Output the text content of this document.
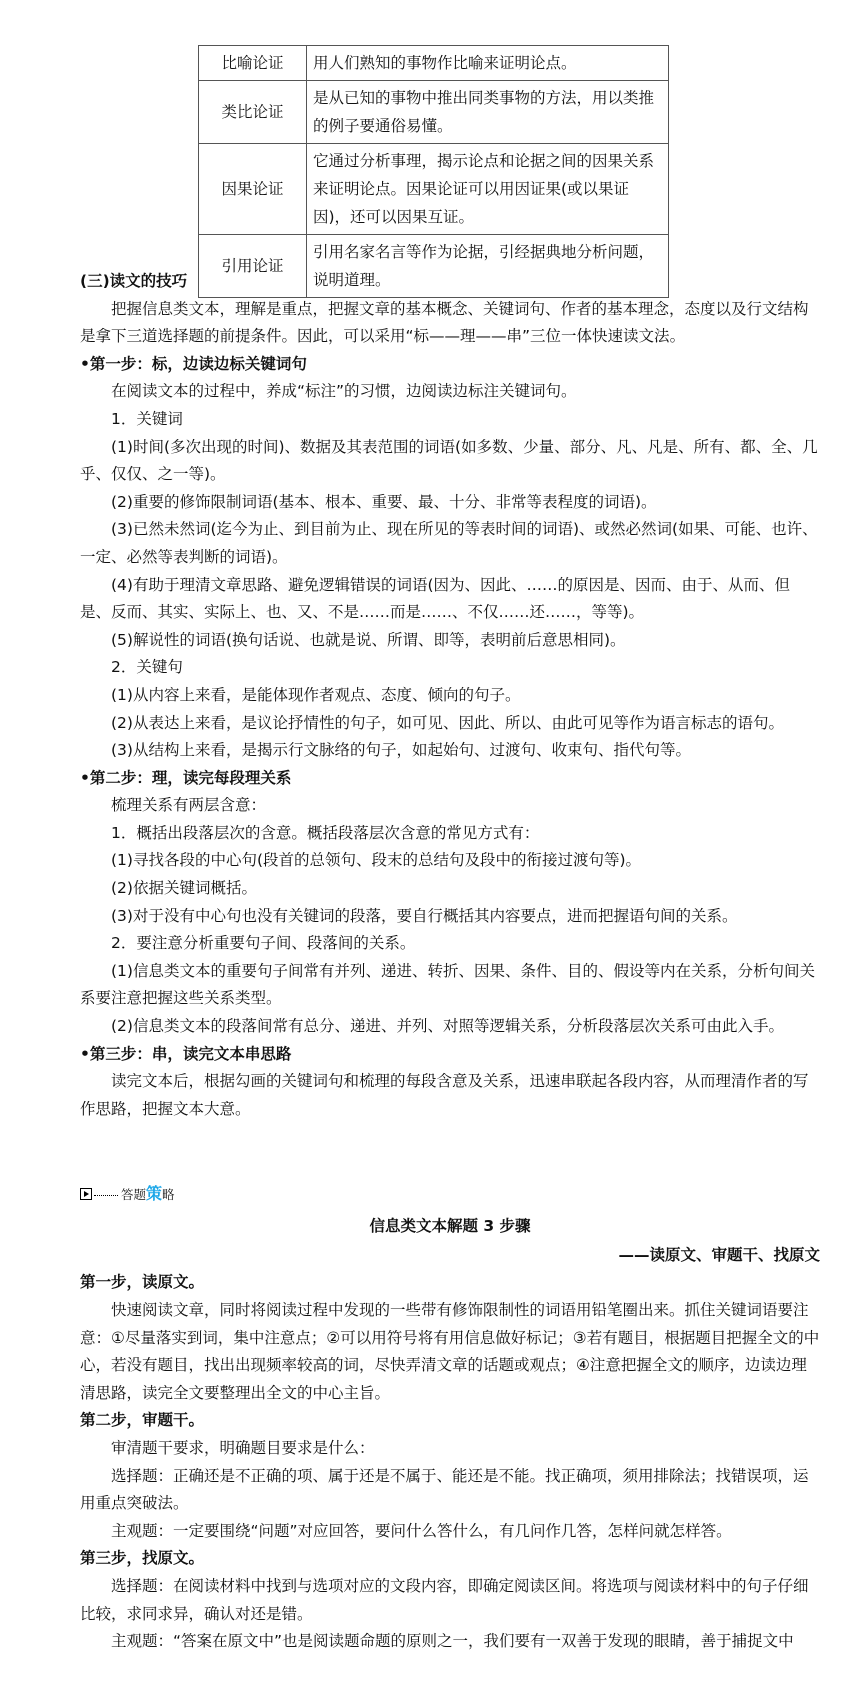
比喻论证	用人们熟知的事物作比喻来证明论点。
类比论证	是从已知的事物中推出同类事物的方法，用以类推的例子要通俗易懂。
因果论证	它通过分析事理，揭示论点和论据之间的因果关系来证明论点。因果论证可以用因证果(或以果证因)，还可以因果互证。
引用论证	引用名家名言等作为论据，引经据典地分析问题，说明道理。

(三)读文的技巧

把握信息类文本，理解是重点，把握文章的基本概念、关键词句、作者的基本理念，态度以及行文结构是拿下三道选择题的前提条件。因此，可以采用“标——理——串”三位一体快速读文法。

•第一步：标，边读边标关键词句

在阅读文本的过程中，养成“标注”的习惯，边阅读边标注关键词句。

1．关键词

(1)时间(多次出现的时间)、数据及其表范围的词语(如多数、少量、部分、凡、凡是、所有、都、全、几乎、仅仅、之一等)。

(2)重要的修饰限制词语(基本、根本、重要、最、十分、非常等表程度的词语)。

(3)已然未然词(迄今为止、到目前为止、现在所见的等表时间的词语)、或然必然词(如果、可能、也许、一定、必然等表判断的词语)。

(4)有助于理清文章思路、避免逻辑错误的词语(因为、因此、……的原因是、因而、由于、从而、但是、反而、其实、实际上、也、又、不是……而是……、不仅……还……，等等)。

(5)解说性的词语(换句话说、也就是说、所谓、即等，表明前后意思相同)。

2．关键句

(1)从内容上来看，是能体现作者观点、态度、倾向的句子。

(2)从表达上来看，是议论抒情性的句子，如可见、因此、所以、由此可见等作为语言标志的语句。

(3)从结构上来看，是揭示行文脉络的句子，如起始句、过渡句、收束句、指代句等。

•第二步：理，读完每段理关系

梳理关系有两层含意：

1．概括出段落层次的含意。概括段落层次含意的常见方式有：

(1)寻找各段的中心句(段首的总领句、段末的总结句及段中的衔接过渡句等)。

(2)依据关键词概括。

(3)对于没有中心句也没有关键词的段落，要自行概括其内容要点，进而把握语句间的关系。

2．要注意分析重要句子间、段落间的关系。

(1)信息类文本的重要句子间常有并列、递进、转折、因果、条件、目的、假设等内在关系，分析句间关系要注意把握这些关系类型。

(2)信息类文本的段落间常有总分、递进、并列、对照等逻辑关系，分析段落层次关系可由此入手。

•第三步：串，读完文本串思路

读完文本后，根据勾画的关键词句和梳理的每段含意及关系，迅速串联起各段内容，从而理清作者的写作思路，把握文本大意。

答题策略
信息类文本解题 3 步骤
——读原文、审题干、找原文

第一步，读原文。

快速阅读文章，同时将阅读过程中发现的一些带有修饰限制性的词语用铅笔圈出来。抓住关键词语要注意：①尽量落实到词，集中注意点；②可以用符号将有用信息做好标记；③若有题目，根据题目把握全文的中心，若没有题目，找出出现频率较高的词，尽快弄清文章的话题或观点；④注意把握全文的顺序，边读边理清思路，读完全文要整理出全文的中心主旨。

第二步，审题干。

审清题干要求，明确题目要求是什么：

选择题：正确还是不正确的项、属于还是不属于、能还是不能。找正确项，须用排除法；找错误项，运用重点突破法。

主观题：一定要围绕“问题”对应回答，要问什么答什么，有几问作几答，怎样问就怎样答。

第三步，找原文。

选择题：在阅读材料中找到与选项对应的文段内容，即确定阅读区间。将选项与阅读材料中的句子仔细比较，求同求异，确认对还是错。

主观题：“答案在原文中”也是阅读题命题的原则之一，我们要有一双善于发现的眼睛，善于捕捉文中
